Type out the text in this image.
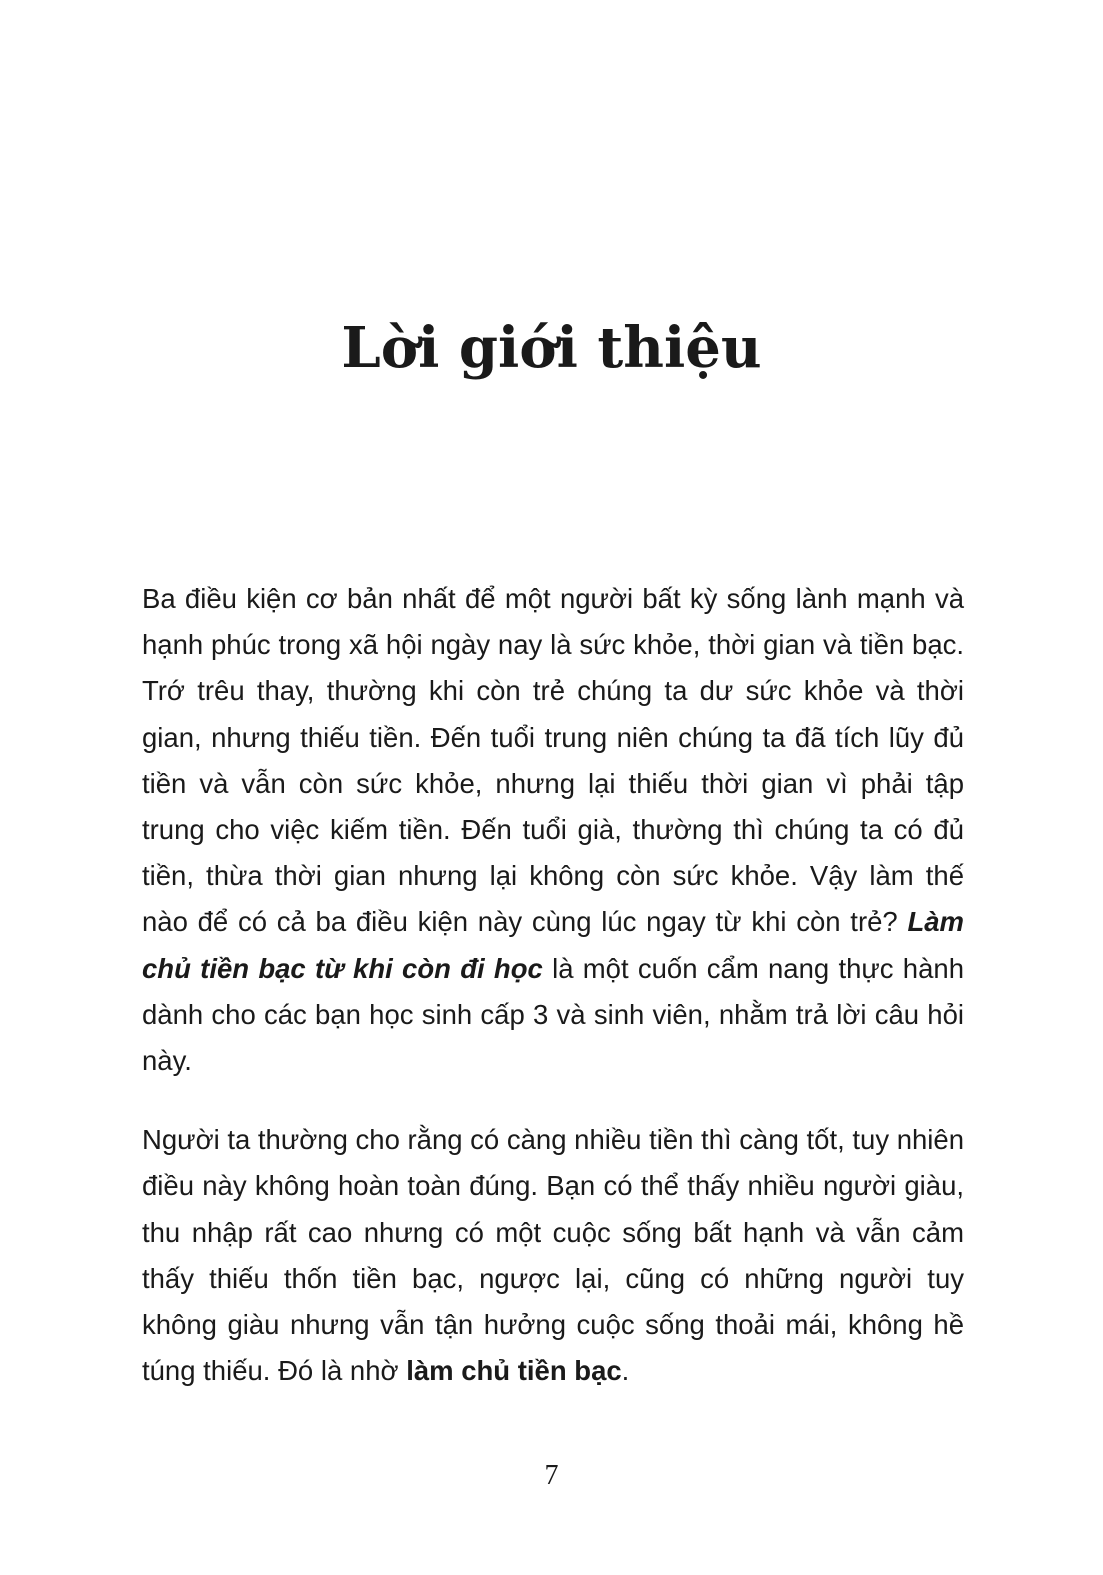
Lời giới thiệu

Ba điều kiện cơ bản nhất để một người bất kỳ sống lành mạnh và hạnh phúc trong xã hội ngày nay là sức khỏe, thời gian và tiền bạc. Trớ trêu thay, thường khi còn trẻ chúng ta dư sức khỏe và thời gian, nhưng thiếu tiền. Đến tuổi trung niên chúng ta đã tích lũy đủ tiền và vẫn còn sức khỏe, nhưng lại thiếu thời gian vì phải tập trung cho việc kiếm tiền. Đến tuổi già, thường thì chúng ta có đủ tiền, thừa thời gian nhưng lại không còn sức khỏe. Vậy làm thế nào để có cả ba điều kiện này cùng lúc ngay từ khi còn trẻ? Làm chủ tiền bạc từ khi còn đi học là một cuốn cẩm nang thực hành dành cho các bạn học sinh cấp 3 và sinh viên, nhằm trả lời câu hỏi này.

Người ta thường cho rằng có càng nhiều tiền thì càng tốt, tuy nhiên điều này không hoàn toàn đúng. Bạn có thể thấy nhiều người giàu, thu nhập rất cao nhưng có một cuộc sống bất hạnh và vẫn cảm thấy thiếu thốn tiền bạc, ngược lại, cũng có những người tuy không giàu nhưng vẫn tận hưởng cuộc sống thoải mái, không hề túng thiếu. Đó là nhờ làm chủ tiền bạc.

7
